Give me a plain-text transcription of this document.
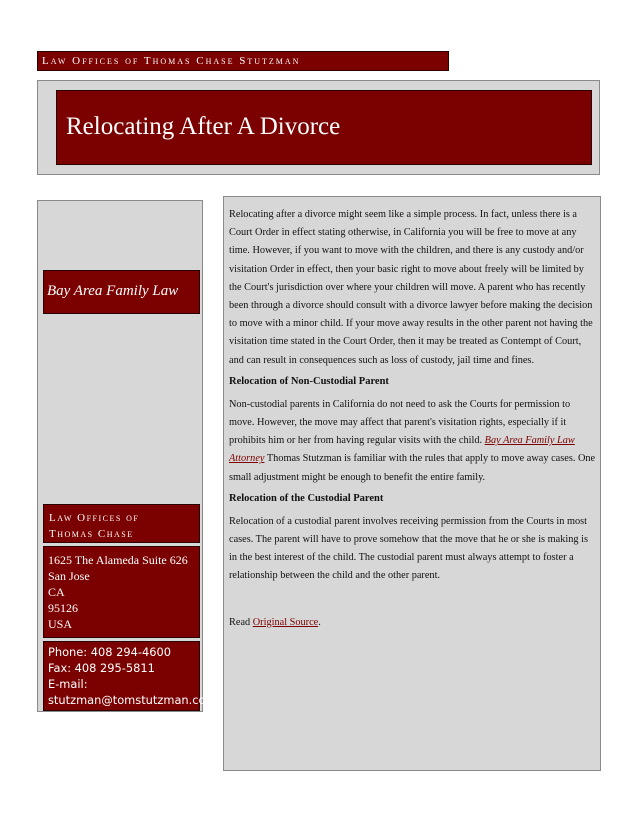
Law Offices of Thomas Chase Stutzman
Relocating After A Divorce
Bay Area Family Law
Law Offices of
Thomas Chase
1625 The Alameda Suite 626
San Jose
CA
95126
USA
Phone: 408 294-4600
Fax: 408 295-5811
E-mail:
stutzman@tomstutzman.co

Relocating after a divorce might seem like a simple process. In fact, unless there is a Court Order in effect stating otherwise, in California you will be free to move at any time. However, if you want to move with the children, and there is any custody and/or visitation Order in effect, then your basic right to move about freely will be limited by the Court's jurisdiction over where your children will move. A parent who has recently been through a divorce should consult with a divorce lawyer before making the decision to move with a minor child. If your move away results in the other parent not having the visitation time stated in the Court Order, then it may be treated as Contempt of Court, and can result in consequences such as loss of custody, jail time and fines.

Relocation of Non-Custodial Parent

Non-custodial parents in California do not need to ask the Courts for permission to move. However, the move may affect that parent's visitation rights, especially if it prohibits him or her from having regular visits with the child. Bay Area Family Law Attorney Thomas Stutzman is familiar with the rules that apply to move away cases. One small adjustment might be enough to benefit the entire family.

Relocation of the Custodial Parent

Relocation of a custodial parent involves receiving permission from the Courts in most cases. The parent will have to prove somehow that the move that he or she is making is in the best interest of the child. The custodial parent must always attempt to foster a relationship between the child and the other parent.

Read Original Source.
